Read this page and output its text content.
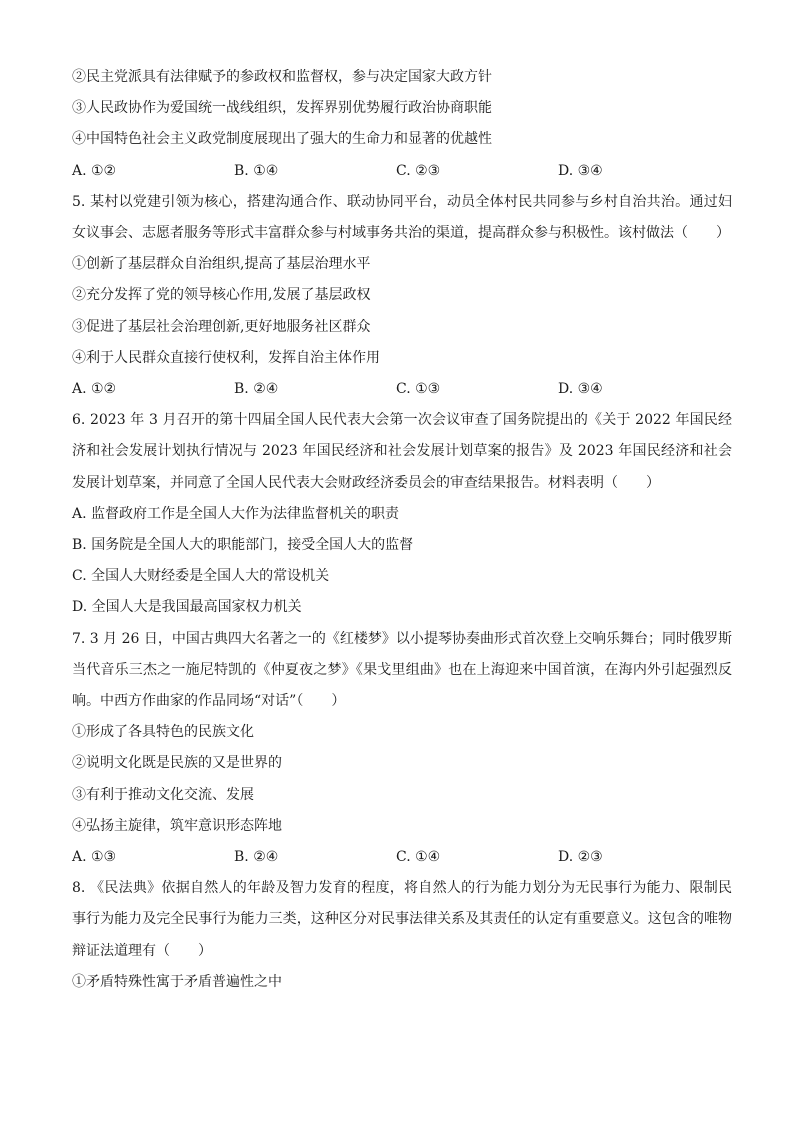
②民主党派具有法律赋予的参政权和监督权，参与决定国家大政方针
③人民政协作为爱国统一战线组织，发挥界别优势履行政治协商职能
④中国特色社会主义政党制度展现出了强大的生命力和显著的优越性
A. ①②	B. ①④	C. ②③	D. ③④
5. 某村以党建引领为核心，搭建沟通合作、联动协同平台，动员全体村民共同参与乡村自治共治。通过妇女议事会、志愿者服务等形式丰富群众参与村域事务共治的渠道，提高群众参与积极性。该村做法（　　）
①创新了基层群众自治组织,提高了基层治理水平
②充分发挥了党的领导核心作用,发展了基层政权
③促进了基层社会治理创新,更好地服务社区群众
④利于人民群众直接行使权利，发挥自治主体作用
A. ①②	B. ②④	C. ①③	D. ③④
6. 2023 年 3 月召开的第十四届全国人民代表大会第一次会议审查了国务院提出的《关于 2022 年国民经济和社会发展计划执行情况与 2023 年国民经济和社会发展计划草案的报告》及 2023 年国民经济和社会发展计划草案，并同意了全国人民代表大会财政经济委员会的审查结果报告。材料表明（　　）
A. 监督政府工作是全国人大作为法律监督机关的职责
B. 国务院是全国人大的职能部门，接受全国人大的监督
C. 全国人大财经委是全国人大的常设机关
D. 全国人大是我国最高国家权力机关
7. 3 月 26 日，中国古典四大名著之一的《红楼梦》以小提琴协奏曲形式首次登上交响乐舞台；同时俄罗斯当代音乐三杰之一施尼特凯的《仲夏夜之梦》《果戈里组曲》也在上海迎来中国首演，在海内外引起强烈反响。中西方作曲家的作品同场“对话”（　　）
①形成了各具特色的民族文化
②说明文化既是民族的又是世界的
③有利于推动文化交流、发展
④弘扬主旋律，筑牢意识形态阵地
A. ①③	B. ②④	C. ①④	D. ②③
8. 《民法典》依据自然人的年龄及智力发育的程度，将自然人的行为能力划分为无民事行为能力、限制民事行为能力及完全民事行为能力三类，这种区分对民事法律关系及其责任的认定有重要意义。这包含的唯物辩证法道理有（　　）
①矛盾特殊性寓于矛盾普遍性之中
